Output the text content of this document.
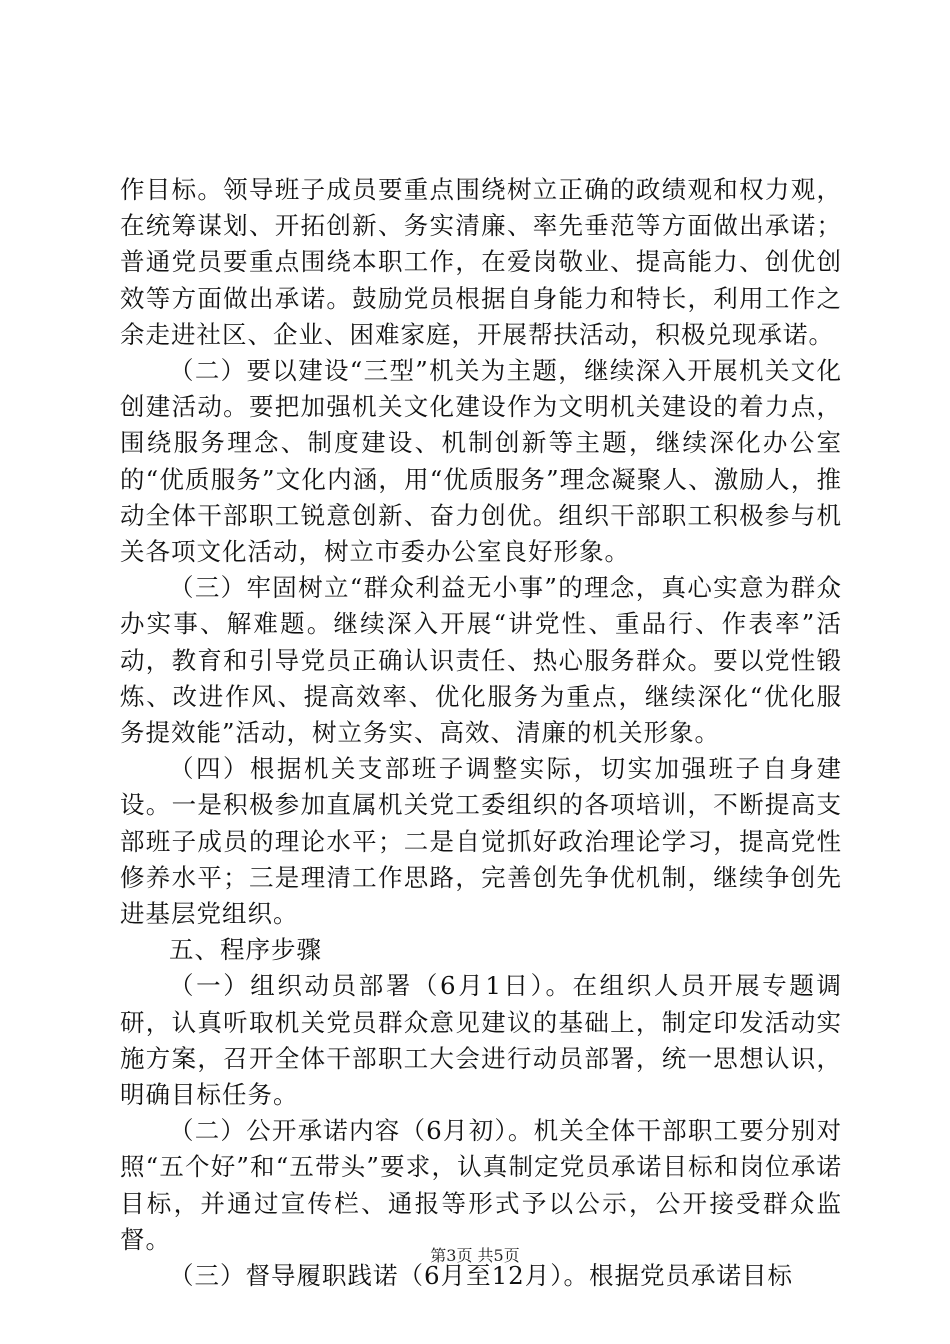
作目标。领导班子成员要重点围绕树立正确的政绩观和权力观，在统筹谋划、开拓创新、务实清廉、率先垂范等方面做出承诺；普通党员要重点围绕本职工作，在爱岗敬业、提高能力、创优创效等方面做出承诺。鼓励党员根据自身能力和特长，利用工作之余走进社区、企业、困难家庭，开展帮扶活动，积极兑现承诺。

（二）要以建设“三型”机关为主题，继续深入开展机关文化创建活动。要把加强机关文化建设作为文明机关建设的着力点，围绕服务理念、制度建设、机制创新等主题，继续深化办公室的“优质服务”文化内涵，用“优质服务”理念凝聚人、激励人，推动全体干部职工锐意创新、奋力创优。组织干部职工积极参与机关各项文化活动，树立市委办公室良好形象。

（三）牢固树立“群众利益无小事”的理念，真心实意为群众办实事、解难题。继续深入开展“讲党性、重品行、作表率”活动，教育和引导党员正确认识责任、热心服务群众。要以党性锻炼、改进作风、提高效率、优化服务为重点，继续深化“优化服务提效能”活动，树立务实、高效、清廉的机关形象。

（四）根据机关支部班子调整实际，切实加强班子自身建设。一是积极参加直属机关党工委组织的各项培训，不断提高支部班子成员的理论水平；二是自觉抓好政治理论学习，提高党性修养水平；三是理清工作思路，完善创先争优机制，继续争创先进基层党组织。

五、程序步骤

（一）组织动员部署（6月1日）。在组织人员开展专题调研，认真听取机关党员群众意见建议的基础上，制定印发活动实施方案，召开全体干部职工大会进行动员部署，统一思想认识，明确目标任务。

（二）公开承诺内容（6月初）。机关全体干部职工要分别对照“五个好”和“五带头”要求，认真制定党员承诺目标和岗位承诺目标，并通过宣传栏、通报等形式予以公示，公开接受群众监督。

（三）督导履职践诺（6月至12月）。根据党员承诺目标

第3页 共5页
